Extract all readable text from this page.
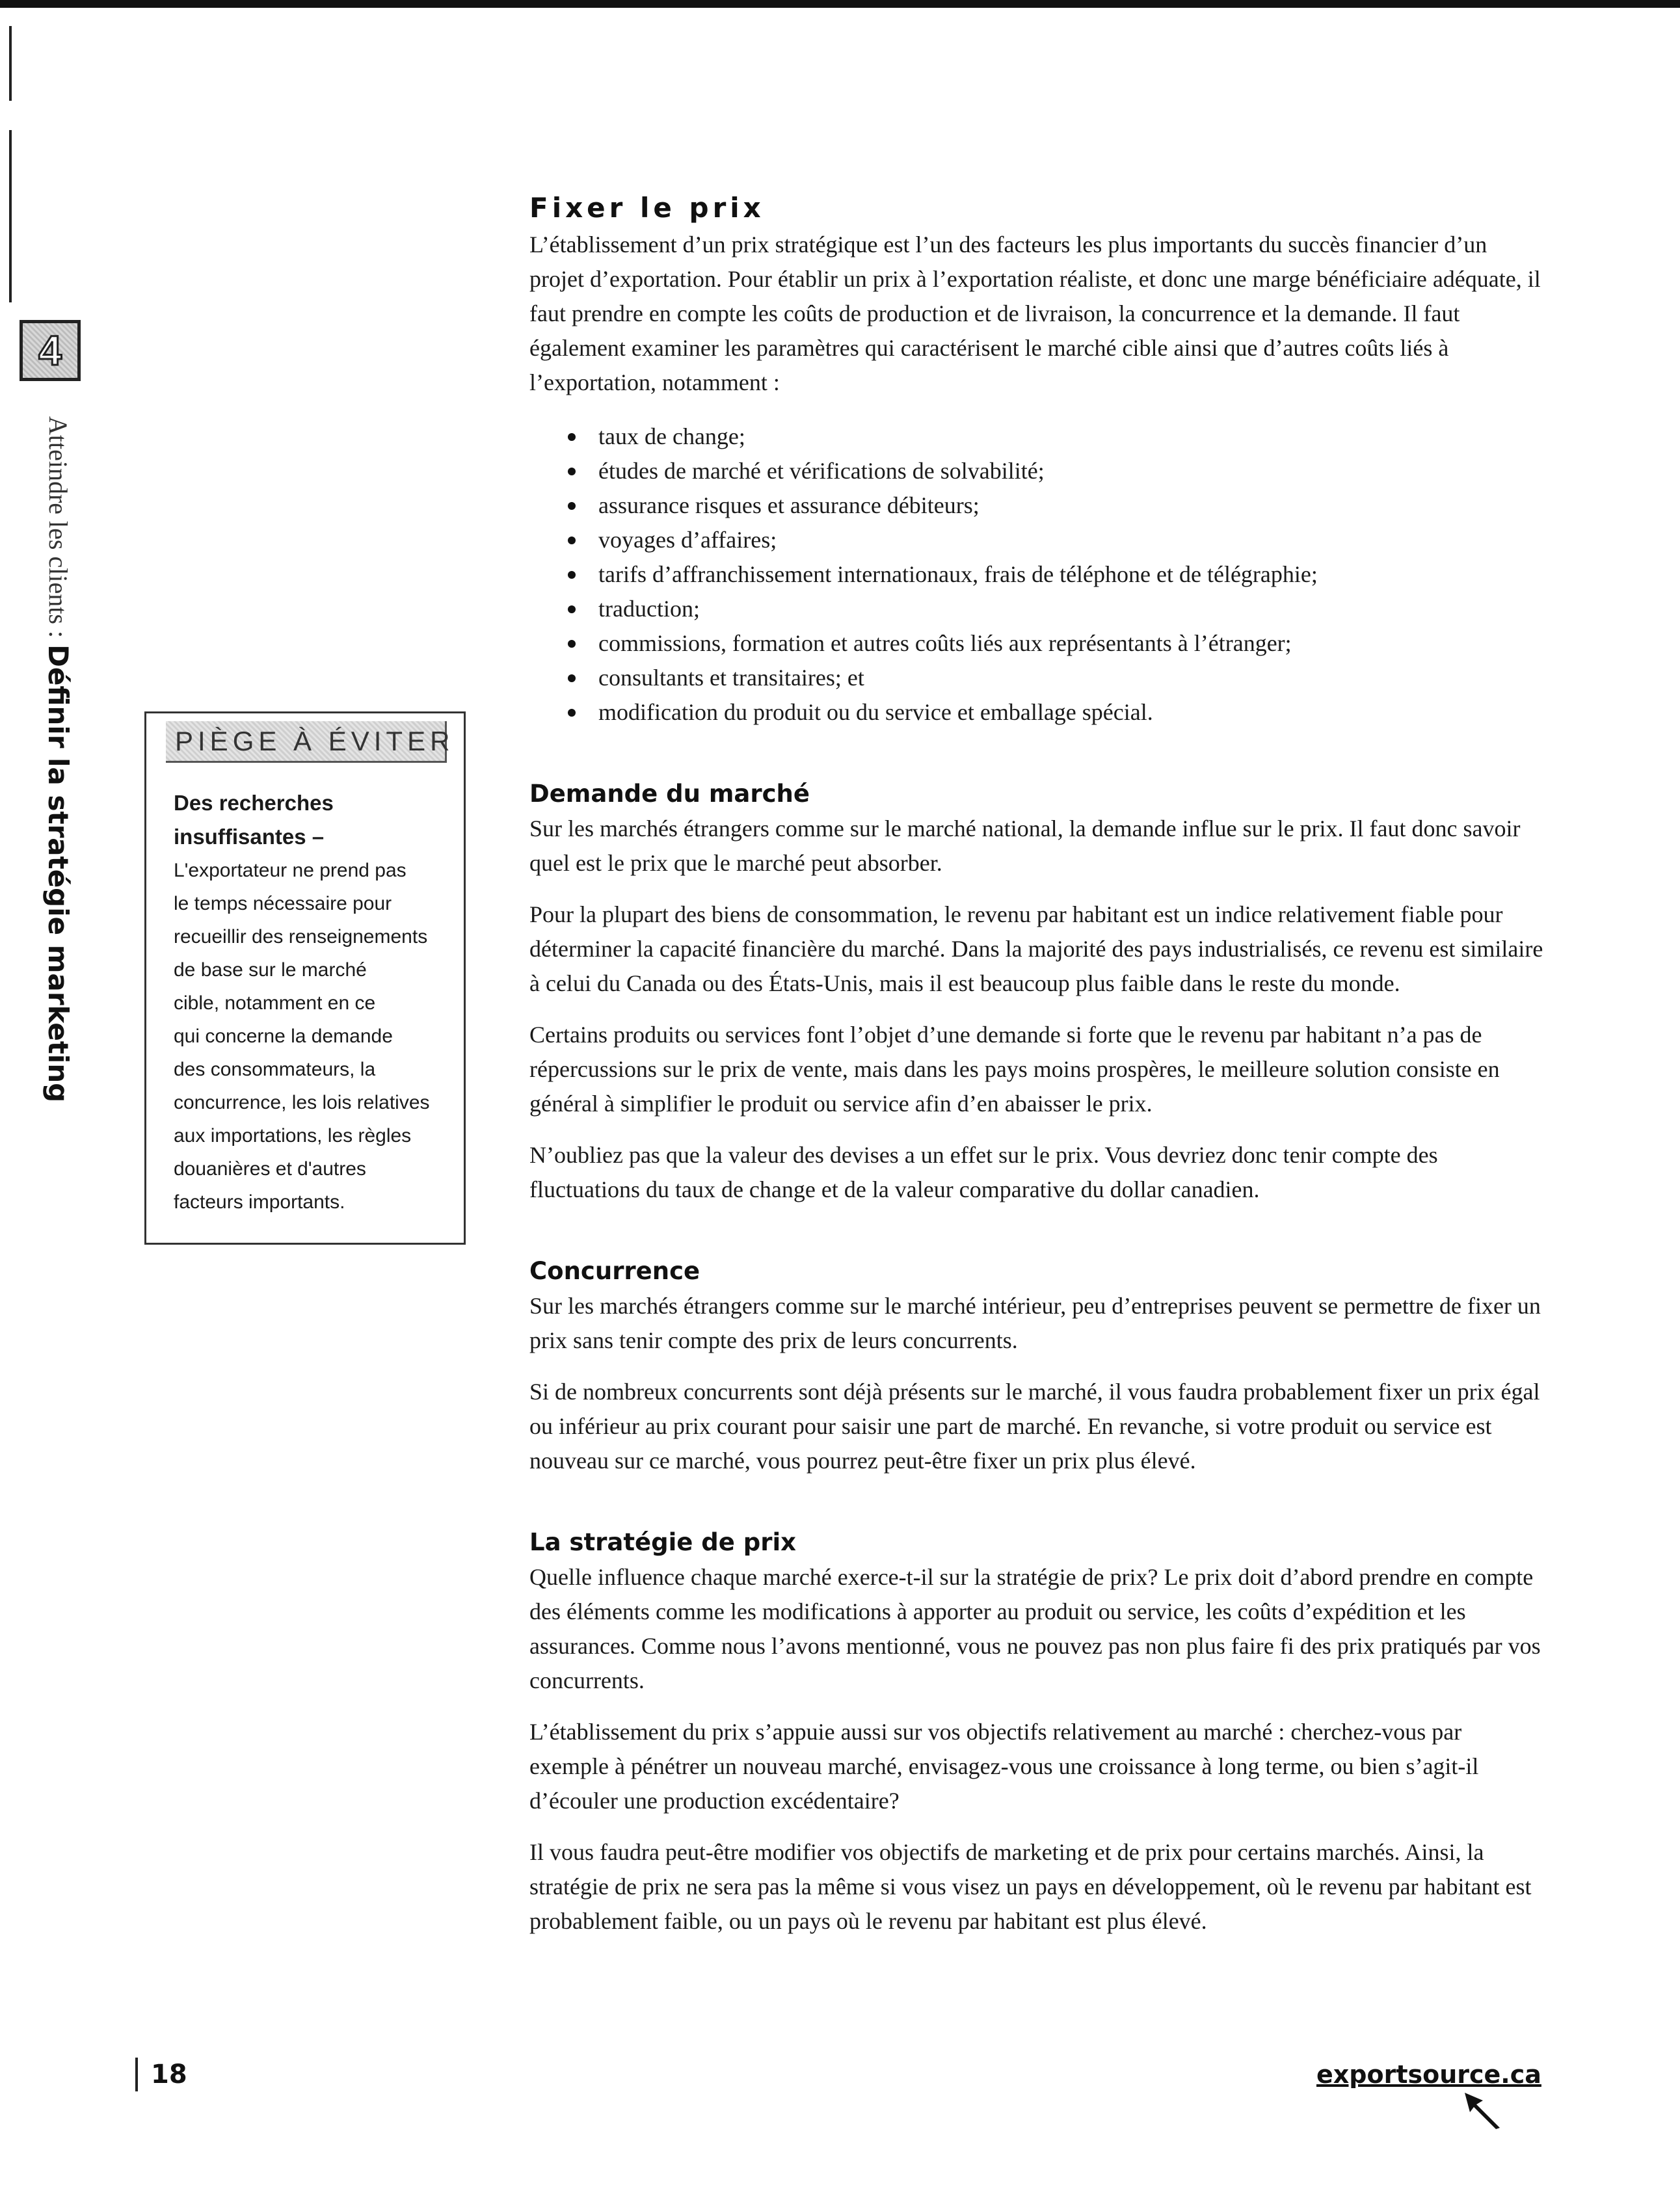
4
Atteindre les clients : Définir la stratégie marketing	PIÈGE À ÉVITER
Des recherches
insuffisantes –
L'exportateur ne prend pas
le temps nécessaire pour
recueillir des renseignements
de base sur le marché
cible, notamment en ce
qui concerne la demande
des consommateurs, la
concurrence, les lois relatives
aux importations, les règles
douanières et d'autres
facteurs importants.
Fixer le prix

L’établissement d’un prix stratégique est l’un des facteurs les plus importants du succès financier d’un projet d’exportation. Pour établir un prix à l’exportation réaliste, et donc une marge bénéficiaire adéquate, il faut prendre en compte les coûts de production et de livraison, la concurrence et la demande. Il faut également examiner les paramètres qui caractérisent le marché cible ainsi que d’autres coûts liés à l’exportation, notamment :

taux de change;
études de marché et vérifications de solvabilité;
assurance risques et assurance débiteurs;
voyages d’affaires;
tarifs d’affranchissement internationaux, frais de téléphone et de télégraphie;
traduction;
commissions, formation et autres coûts liés aux représentants à l’étranger;
consultants et transitaires; et
modification du produit ou du service et emballage spécial.
Demande du marché

Sur les marchés étrangers comme sur le marché national, la demande influe sur le prix. Il faut donc savoir quel est le prix que le marché peut absorber.

Pour la plupart des biens de consommation, le revenu par habitant est un indice relativement fiable pour déterminer la capacité financière du marché. Dans la majorité des pays industrialisés, ce revenu est similaire à celui du Canada ou des États-Unis, mais il est beaucoup plus faible dans le reste du monde.

Certains produits ou services font l’objet d’une demande si forte que le revenu par habitant n’a pas de répercussions sur le prix de vente, mais dans les pays moins prospères, le meilleure solution consiste en général à simplifier le produit ou service afin d’en abaisser le prix.

N’oubliez pas que la valeur des devises a un effet sur le prix. Vous devriez donc tenir compte des fluctuations du taux de change et de la valeur comparative du dollar canadien.

Concurrence

Sur les marchés étrangers comme sur le marché intérieur, peu d’entreprises peuvent se permettre de fixer un prix sans tenir compte des prix de leurs concurrents.

Si de nombreux concurrents sont déjà présents sur le marché, il vous faudra probablement fixer un prix égal ou inférieur au prix courant pour saisir une part de marché. En revanche, si votre produit ou service est nouveau sur ce marché, vous pourrez peut-être fixer un prix plus élevé.

La stratégie de prix

Quelle influence chaque marché exerce-t-il sur la stratégie de prix? Le prix doit d’abord prendre en compte des éléments comme les modifications à apporter au produit ou service, les coûts d’expédition et les assurances. Comme nous l’avons mentionné, vous ne pouvez pas non plus faire fi des prix pratiqués par vos concurrents.

L’établissement du prix s’appuie aussi sur vos objectifs relativement au marché : cherchez-vous par exemple à pénétrer un nouveau marché, envisagez-vous une croissance à long terme, ou bien s’agit-il d’écouler une production excédentaire?

Il vous faudra peut-être modifier vos objectifs de marketing et de prix pour certains marchés. Ainsi, la stratégie de prix ne sera pas la même si vous visez un pays en développement, où le revenu par habitant est probablement faible, ou un pays où le revenu par habitant est plus élevé.

18	exportsource.ca
